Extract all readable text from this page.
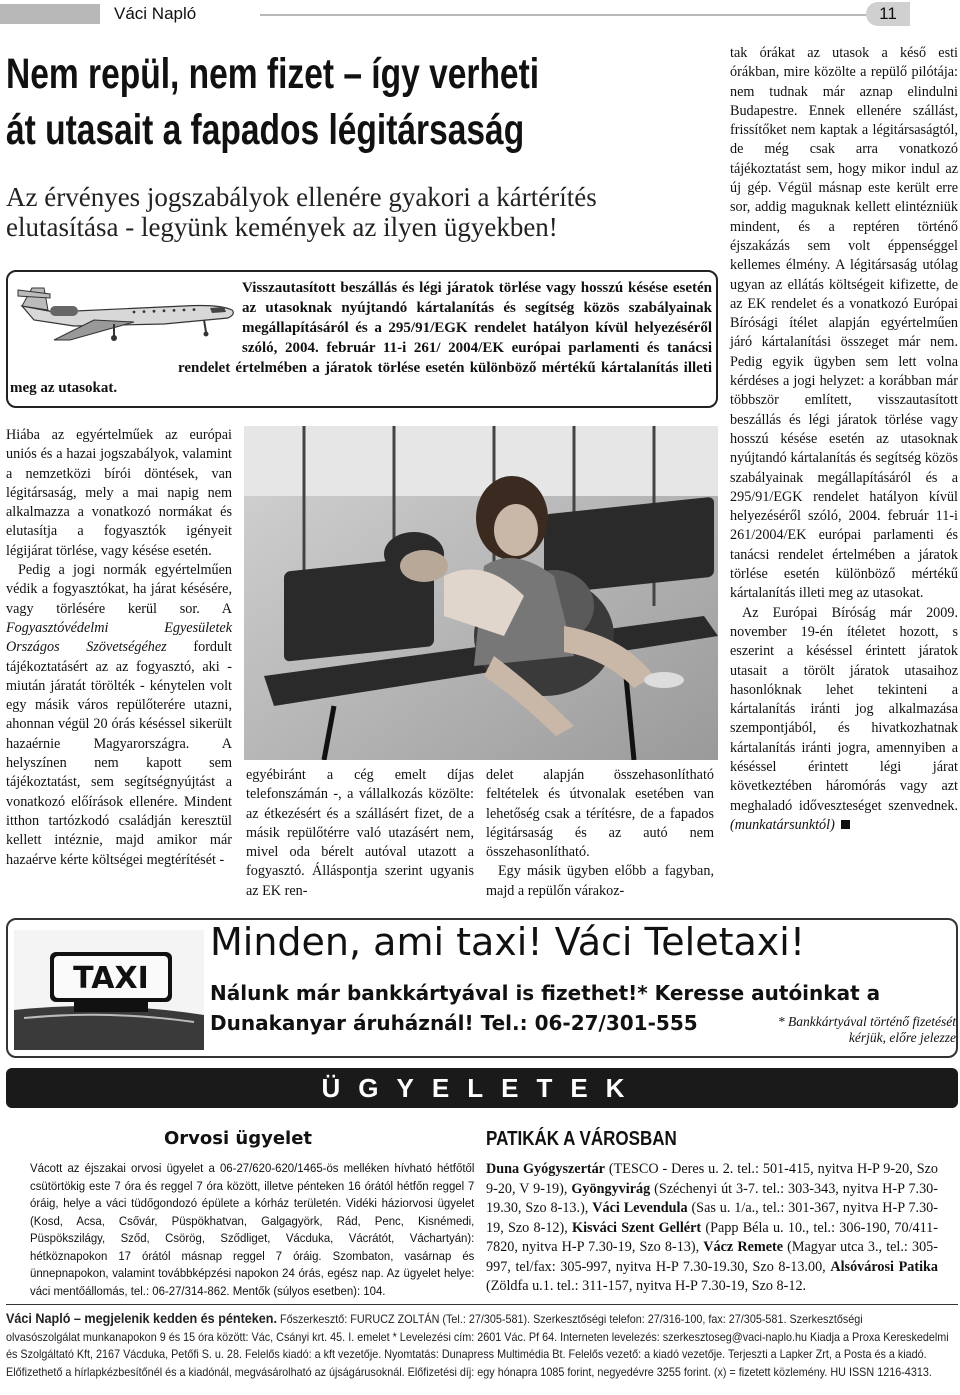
Váci Napló	11
Nem repül, nem fizet – így verheti
át utasait a fapados légitársaság
Az érvényes jogszabályok ellenére gyakori a kártérítés elutasítása - legyünk kemények az ilyen ügyekben!
Visszautasított beszállás és légi járatok törlése vagy hosszú késése esetén az utasoknak nyújtandó kártalanítás és segítség közös szabályainak megállapításáról és a 295/91/EGK rendelet hatályon kívül helyezéséről szóló, 2004. február 11-i 261/ 2004/EK európai parlamenti és tanácsi rendelet értelmében a járatok törlése esetén különböző mértékű kártalanítás illeti meg az utasokat.

Hiába az egyértelműek az európai uniós és a hazai jogszabályok, valamint a nemzetközi bírói döntések, van légitársaság, mely a mai napig nem alkalmazza a vonatkozó normákat és elutasítja a fogyasztók igényeit légijárat törlése, vagy késése esetén.

Pedig a jogi normák egyértelműen védik a fogyasztókat, ha járat késésére, vagy törlésére kerül sor. A Fogyasztóvédelmi Egyesületek Országos Szövetségéhez fordult tájékoztatásért az az fogyasztó, aki - miután járatát törölték - kénytelen volt egy másik város repülőterére utazni, ahonnan végül 20 órás késéssel sikerült hazaérnie Magyarországra. A helyszínen nem kapott sem tájékoztatást, sem segítségnyújtást a vonatkozó előírások ellenére. Mindent itthon tartózkodó családján keresztül kellett intéznie, majd amikor már hazaérve kérte költségei megtérítését -

egyébiránt a cég emelt díjas telefonszámán -, a vállalkozás közölte: az étkezésért és a szállásért fizet, de a másik repülőtérre való utazásért nem, mivel oda bérelt autóval utazott a fogyasztó. Álláspontja szerint ugyanis az EK ren-

delet alapján összehasonlítható feltételek és útvonalak esetében van lehetőség csak a térítésre, de a fapados légitársaság és az autó nem összehasonlítható.

Egy másik ügyben előbb a fagyban, majd a repülőn várakoz-

tak órákat az utasok a késő esti órákban, mire közölte a repülő pilótája: nem tudnak már aznap elindulni Budapestre. Ennek ellenére szállást, frissítőket nem kaptak a légitársaságtól, de még csak arra vonatkozó tájékoztatást sem, hogy mikor indul az új gép. Végül másnap este került erre sor, addig maguknak kellett elintézniük mindent, és a reptéren történő éjszakázás sem volt éppenséggel kellemes élmény. A légitársaság utólag ugyan az ellátás költségeit kifizette, de az EK rendelet és a vonatkozó Európai Bírósági ítélet alapján egyértelműen járó kártalanítási összeget már nem. Pedig egyik ügyben sem lett volna kérdéses a jogi helyzet: a korábban már többször említett, visszautasított beszállás és légi járatok törlése vagy hosszú késése esetén az utasoknak nyújtandó kártalanítás és segítség közös szabályainak megállapításáról és a 295/91/EGK rendelet hatályon kívül helyezéséről szóló, 2004. február 11-i 261/2004/EK európai parlamenti és tanácsi rendelet értelmében a járatok törlése esetén különböző mértékű kártalanítás illeti meg az utasokat.

Az Európai Bíróság már 2009. november 19-én ítéletet hozott, s eszerint a késéssel érintett járatok utasait a törölt járatok utasaihoz hasonlóknak lehet tekinteni a kártalanítás iránti jog alkalmazása szempontjából, és hivatkozhatnak kártalanítás iránti jogra, amennyiben a késéssel érintett légi járat következtében háromórás vagy azt meghaladó időveszteséget szenvednek. (munkatársunktól)

TAXI
Minden, ami taxi! Váci Teletaxi!
Nálunk már bankkártyával is fizethet!* Keresse autóinkat a
Dunakanyar áruháznál! Tel.: 06-27/301-555	* Bankkártyával történő fizetését kérjük, előre jelezze
ÜGYELETEK
Orvosi ügyelet
Vácott az éjszakai orvosi ügyelet a 06-27/620-620/1465-ös melléken hívható hétfőtől csütörtökig este 7 óra és reggel 7 óra között, illetve pénteken 16 órától hétfőn reggel 7 óráig, helye a váci tüdőgondozó épülete a kórház területén. Vidéki háziorvosi ügyelet (Kosd, Acsa, Csővár, Püspökhatvan, Galgagyörk, Rád, Penc, Kisnémedi, Püspökszilágy, Sződ, Csörög, Sződliget, Vácduka, Vácrátót, Váchartyán): hétköznapokon 17 órától másnap reggel 7 óráig. Szombaton, vasárnap és ünnepnapokon, valamint továbbképzési napokon 24 órás, egész nap. Az ügyelet helye: váci mentőállomás, tel.: 06-27/314-862. Mentők (súlyos esetben): 104.
PATIKÁK A VÁROSBAN
Duna Gyógyszertár (TESCO - Deres u. 2. tel.: 501-415, nyitva H-P 9-20, Szo 9-20, V 9-19), Gyöngyvirág (Széchenyi út 3-7. tel.: 303-343, nyitva H-P 7.30-19.30, Szo 8-13.), Váci Levendula (Sas u. 1/a., tel.: 301-367, nyitva H-P 7.30-19, Szo 8-12), Kisváci Szent Gellért (Papp Béla u. 10., tel.: 306-190, 70/411-7820, nyitva H-P 7.30-19, Szo 8-13), Vácz Remete (Magyar utca 3., tel.: 305-997, tel/fax: 305-997, nyitva H-P 7.30-19.30, Szo 8-13.00, Alsóvárosi Patika (Zöldfa u.1. tel.: 311-157, nyitva H-P 7.30-19, Szo 8-12.
Váci Napló – megjelenik kedden és pénteken. Főszerkesztő: FURUCZ ZOLTÁN (Tel.: 27/305-581). Szerkesztőségi telefon: 27/316-100, fax: 27/305-581. Szerkesztőségi
olvasószolgálat munkanapokon 9 és 15 óra között: Vác, Csányi krt. 45. I. emelet * Levelezési cím: 2601 Vác. Pf 64. Interneten levelezés: szerkesztoseg@vaci-naplo.hu Kiadja a Proxa Kereskedelmi
és Szolgáltató Kft, 2167 Vácduka, Petőfi S. u. 28. Felelős kiadó: a kft vezetője. Nyomtatás: Dunapress Multimédia Bt. Felelős vezető: a kiadó vezetője. Terjeszti a Lapker Zrt, a Posta és a kiadó.
Előfizethető a hírlapkézbesítőnél és a kiadónál, megvásárolható az újságárusoknál. Előfizetési díj: egy hónapra 1085 forint, negyedévre 3255 forint. (x) = fizetett közlemény. HU ISSN 1216-4313.
